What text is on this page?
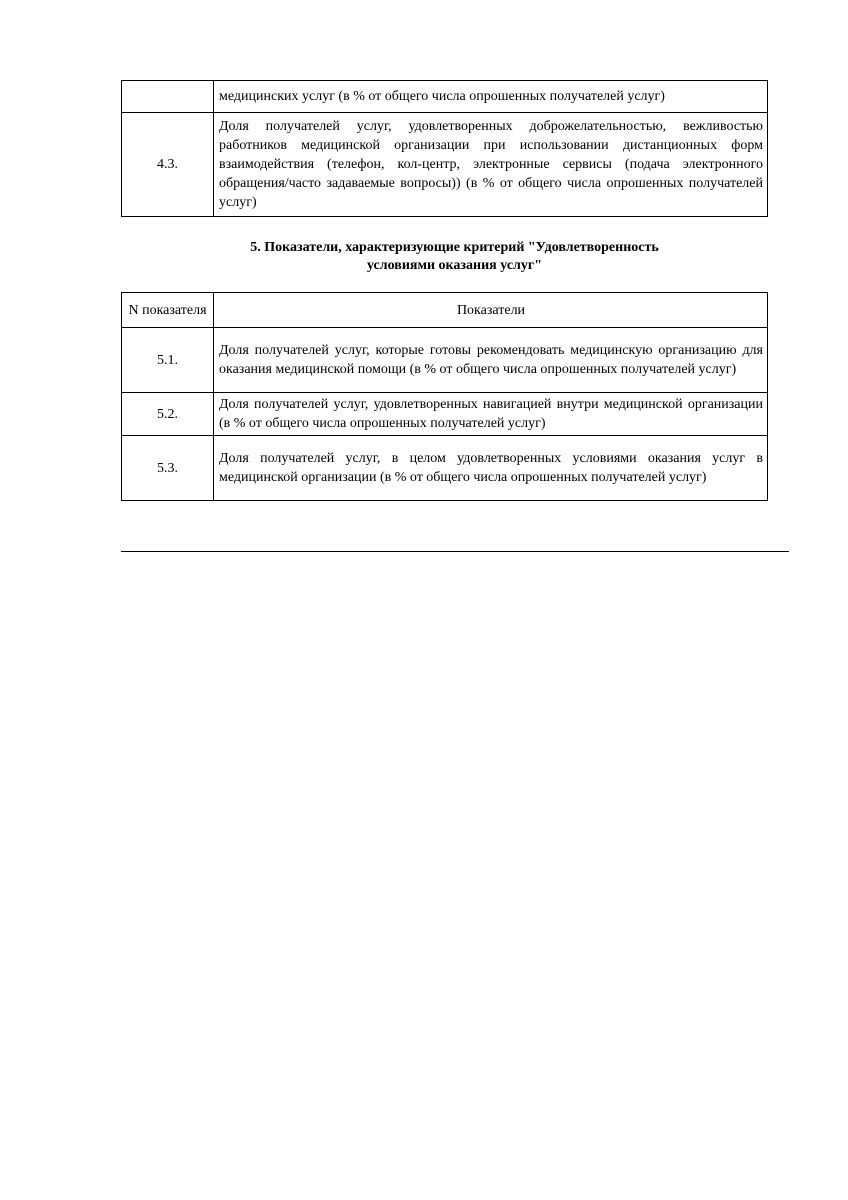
	медицинских услуг (в % от общего числа опрошенных получателей услуг)
4.3.	Доля получателей услуг, удовлетворенных доброжелательностью, вежливостью работников медицинской организации при использовании дистанционных форм взаимодействия (телефон, кол-центр, электронные сервисы (подача электронного обращения/часто задаваемые вопросы)) (в % от общего числа опрошенных получателей услуг)
5. Показатели, характеризующие критерий "Удовлетворенность
условиями оказания услуг"
N показателя	Показатели
5.1.	Доля получателей услуг, которые готовы рекомендовать медицинскую организацию для оказания медицинской помощи (в % от общего числа опрошенных получателей услуг)
5.2.	Доля получателей услуг, удовлетворенных навигацией внутри медицинской организации (в % от общего числа опрошенных получателей услуг)
5.3.	Доля получателей услуг, в целом удовлетворенных условиями оказания услуг в медицинской организации (в % от общего числа опрошенных получателей услуг)
